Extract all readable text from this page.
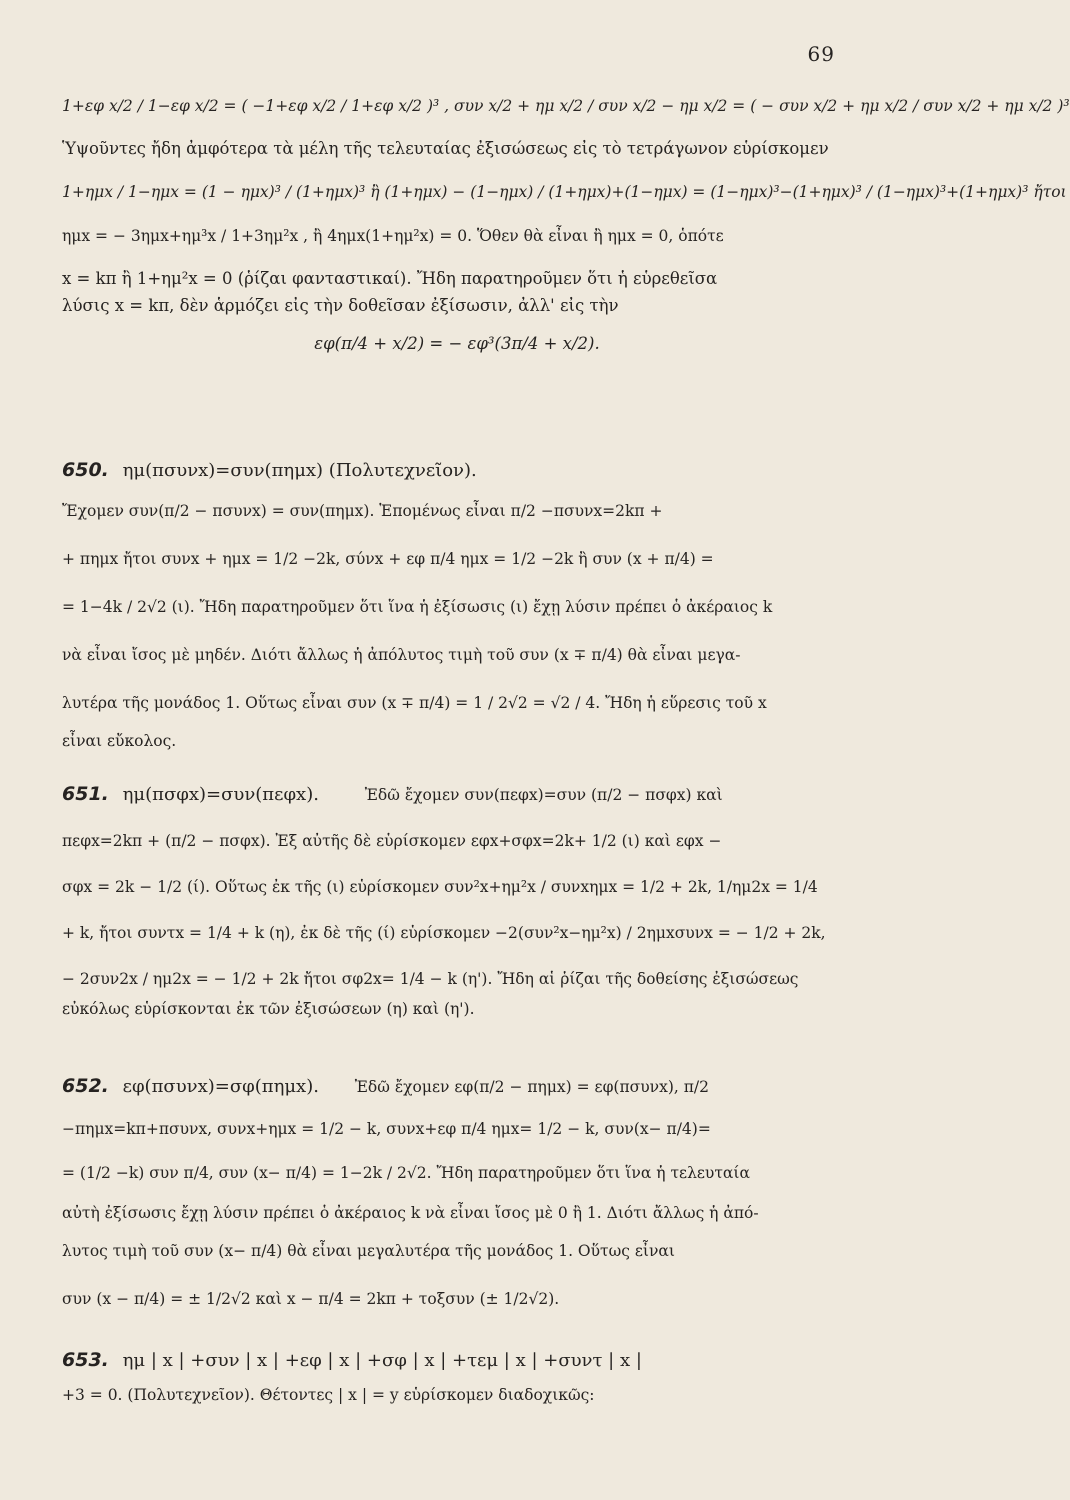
69
1+εφ x/2 / 1−εφ x/2 = ( −1+εφ x/2 / 1+εφ x/2 )³ , συν x/2 + ημ x/2 / συν x/2 − ημ x/2 = ( − συν x/2 + ημ x/2 / συν x/2 + ημ x/2 )³
Ὑψοῦντες ἤδη ἀμφότερα τὰ μέλη τῆς τελευταίας ἐξισώσεως εἰς τὸ τετράγωνον εὑρίσκομεν
1+ημx / 1−ημx = (1 − ημx)³ / (1+ημx)³ ἢ (1+ημx) − (1−ημx) / (1+ημx)+(1−ημx) = (1−ημx)³−(1+ημx)³ / (1−ημx)³+(1+ημx)³ ἤτοι
ημx = − 3ημx+ημ³x / 1+3ημ²x , ἢ 4ημx(1+ημ²x) = 0. Ὅθεν θὰ εἶναι ἢ ημx = 0, ὁπότε
x = kπ ἢ 1+ημ²x = 0 (ῥίζαι φανταστικαί). Ἤδη παρατηροῦμεν ὅτι ἡ εὑρεθεῖσα
λύσις x = kπ, δὲν ἁρμόζει εἰς τὴν δοθεῖσαν ἐξίσωσιν, ἀλλ' εἰς τὴν
εφ(π/4 + x/2) = − εφ³(3π/4 + x/2).
650. ημ(πσυνx)=συν(πημx) (Πολυτεχνεῖον).
Ἔχομεν συν(π/2 − πσυνx) = συν(πημx). Ἑπομένως εἶναι π/2 −πσυνx=2kπ +
+ πημx ἤτοι συνx + ημx = 1/2 −2k, σύνx + εφ π/4 ημx = 1/2 −2k ἢ συν (x + π/4) =
= 1−4k / 2√2 (ι). Ἤδη παρατηροῦμεν ὅτι ἵνα ἡ ἐξίσωσις (ι) ἔχῃ λύσιν πρέπει ὁ ἀκέραιος k
νὰ εἶναι ἴσος μὲ μηδέν. Διότι ἄλλως ἡ ἀπόλυτος τιμὴ τοῦ συν (x ∓ π/4) θὰ εἶναι μεγα-
λυτέρα τῆς μονάδος 1. Οὕτως εἶναι συν (x ∓ π/4) = 1 / 2√2 = √2 / 4. Ἤδη ἡ εὕρεσις τοῦ x
εἶναι εὔκολος.
651. ημ(πσφx)=συν(πεφx).	Ἐδῶ ἔχομεν συν(πεφx)=συν (π/2 − πσφx) καὶ
πεφx=2kπ + (π/2 − πσφx). Ἐξ αὐτῆς δὲ εὑρίσκομεν εφx+σφx=2k+ 1/2 (ι) καὶ εφx −
σφx = 2k − 1/2 (ί). Οὕτως ἐκ τῆς (ι) εὑρίσκομεν συν²x+ημ²x / συνxημx = 1/2 + 2k, 1/ημ2x = 1/4
+ k, ἤτοι συντx = 1/4 + k (η), ἐκ δὲ τῆς (ί) εὑρίσκομεν −2(συν²x−ημ²x) / 2ημxσυνx = − 1/2 + 2k,
− 2συν2x / ημ2x = − 1/2 + 2k ἤτοι σφ2x= 1/4 − k (η'). Ἤδη αἱ ῥίζαι τῆς δοθείσης ἐξισώσεως
εὐκόλως εὑρίσκονται ἐκ τῶν ἐξισώσεων (η) καὶ (η').
652. εφ(πσυνx)=σφ(πημx). Ἐδῶ ἔχομεν εφ(π/2 − πημx) = εφ(πσυνx), π/2
−πημx=kπ+πσυνx, συνx+ημx = 1/2 − k, συνx+εφ π/4 ημx= 1/2 − k, συν(x− π/4)=
= (1/2 −k) συν π/4, συν (x− π/4) = 1−2k / 2√2. Ἤδη παρατηροῦμεν ὅτι ἵνα ἡ τελευταία
αὐτὴ ἐξίσωσις ἔχῃ λύσιν πρέπει ὁ ἀκέραιος k νὰ εἶναι ἴσος μὲ 0 ἢ 1. Διότι ἄλλως ἡ ἀπό-
λυτος τιμὴ τοῦ συν (x− π/4) θὰ εἶναι μεγαλυτέρα τῆς μονάδος 1. Οὕτως εἶναι
συν (x − π/4) = ± 1/2√2 καὶ x − π/4 = 2kπ + τοξσυν (± 1/2√2).
653. ημ | x | +συν | x | +εφ | x | +σφ | x | +τεμ | x | +συντ | x |
+3 = 0. (Πολυτεχνεῖον). Θέτοντες | x | = y εὑρίσκομεν διαδοχικῶς:
